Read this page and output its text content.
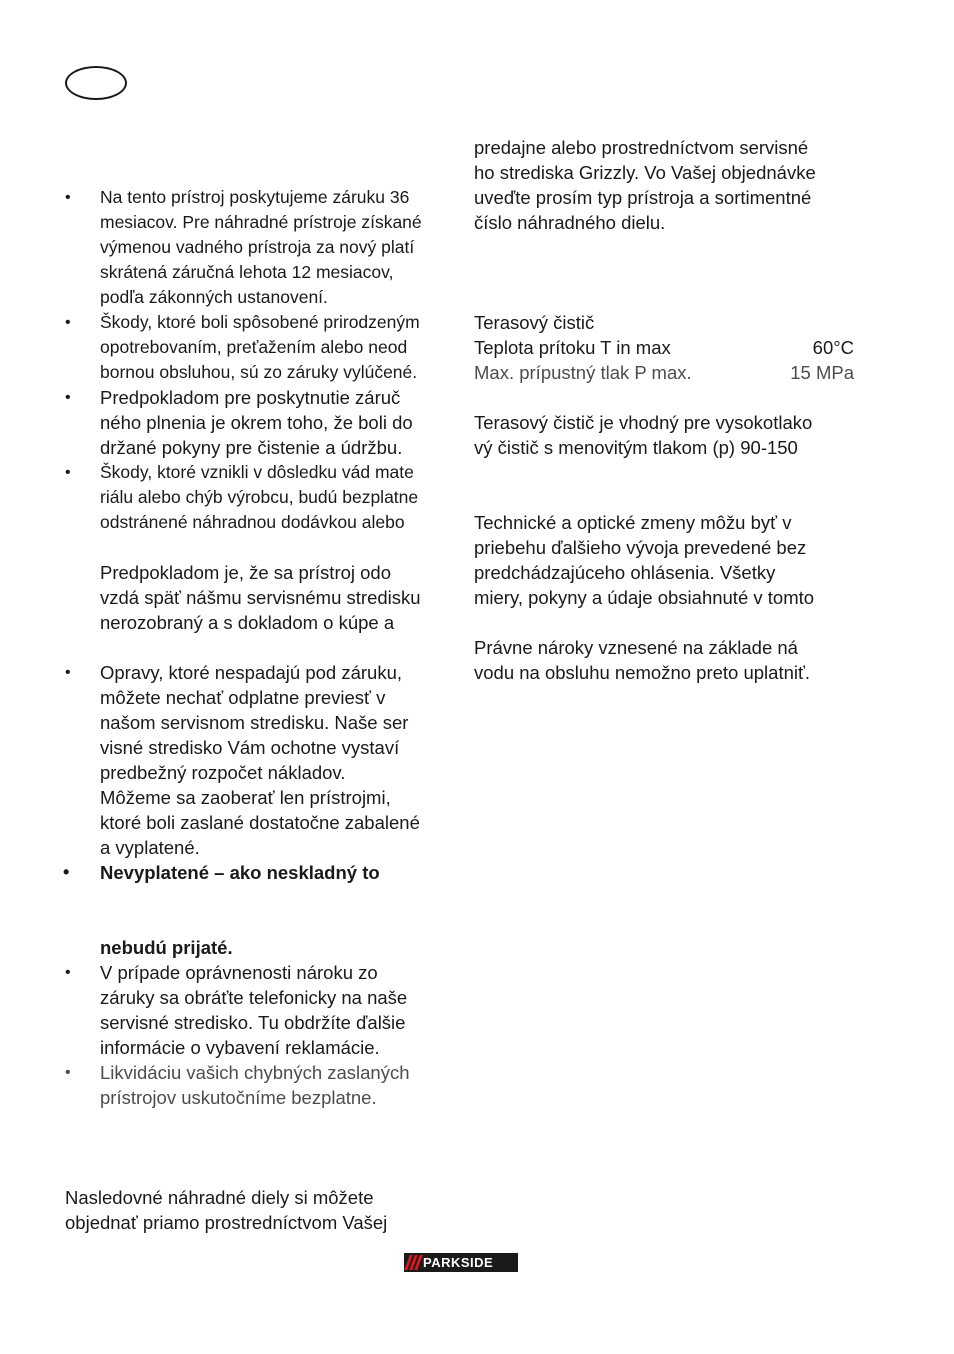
• Na tento prístroj poskytujeme záruku 36
mesiacov. Pre náhradné prístroje získané
výmenou vadného prístroja za nový platí
skrátená záručná lehota 12 mesiacov,
podľa zákonných ustanovení.
• Škody, ktoré boli spôsobené prirodzeným
opotrebovaním, preťažením alebo neod
bornou obsluhou, sú zo záruky vylúčené.
• Predpokladom pre poskytnutie záruč
ného plnenia je okrem toho, že boli do
držané pokyny pre čistenie a údržbu.
• Škody, ktoré vznikli v dôsledku vád mate
riálu alebo chýb výrobcu, budú bezplatne
odstránené náhradnou dodávkou alebo
Predpokladom je, že sa prístroj odo
vzdá späť nášmu servisnému stredisku
nerozobraný a s dokladom o kúpe a
• Opravy, ktoré nespadajú pod záruku,
môžete nechať odplatne previesť v
našom servisnom stredisku. Naše ser
visné stredisko Vám ochotne vystaví
predbežný rozpočet nákladov.
Môžeme sa zaoberať len prístrojmi,
ktoré boli zaslané dostatočne zabalené
a vyplatené.
• Nevyplatené – ako neskladný to
nebudú prijaté.
• V prípade oprávnenosti nároku zo
záruky sa obráťte telefonicky na naše
servisné stredisko. Tu obdržíte ďalšie
informácie o vybavení reklamácie.
• Likvidáciu vašich chybných zaslaných
prístrojov uskutočníme bezplatne.
Nasledovné náhradné diely si môžete
objednať priamo prostredníctvom Vašej
predajne alebo prostredníctvom servisné
ho strediska Grizzly. Vo Vašej objednávke
uveďte prosím typ prístroja a sortimentné
číslo náhradného dielu.
Terasový čistič
Teplota prítoku T in max	60°C
Max. prípustný tlak P max.	15 MPa
Terasový čistič je vhodný pre vysokotlako
vý čistič s menovitým tlakom (p) 90-150
Technické a optické zmeny môžu byť v
priebehu ďalšieho vývoja prevedené bez
predchádzajúceho ohlásenia. Všetky
miery, pokyny a údaje obsiahnuté v tomto
Právne nároky vznesené na základe ná
vodu na obsluhu nemožno preto uplatniť.
PARKSIDE
